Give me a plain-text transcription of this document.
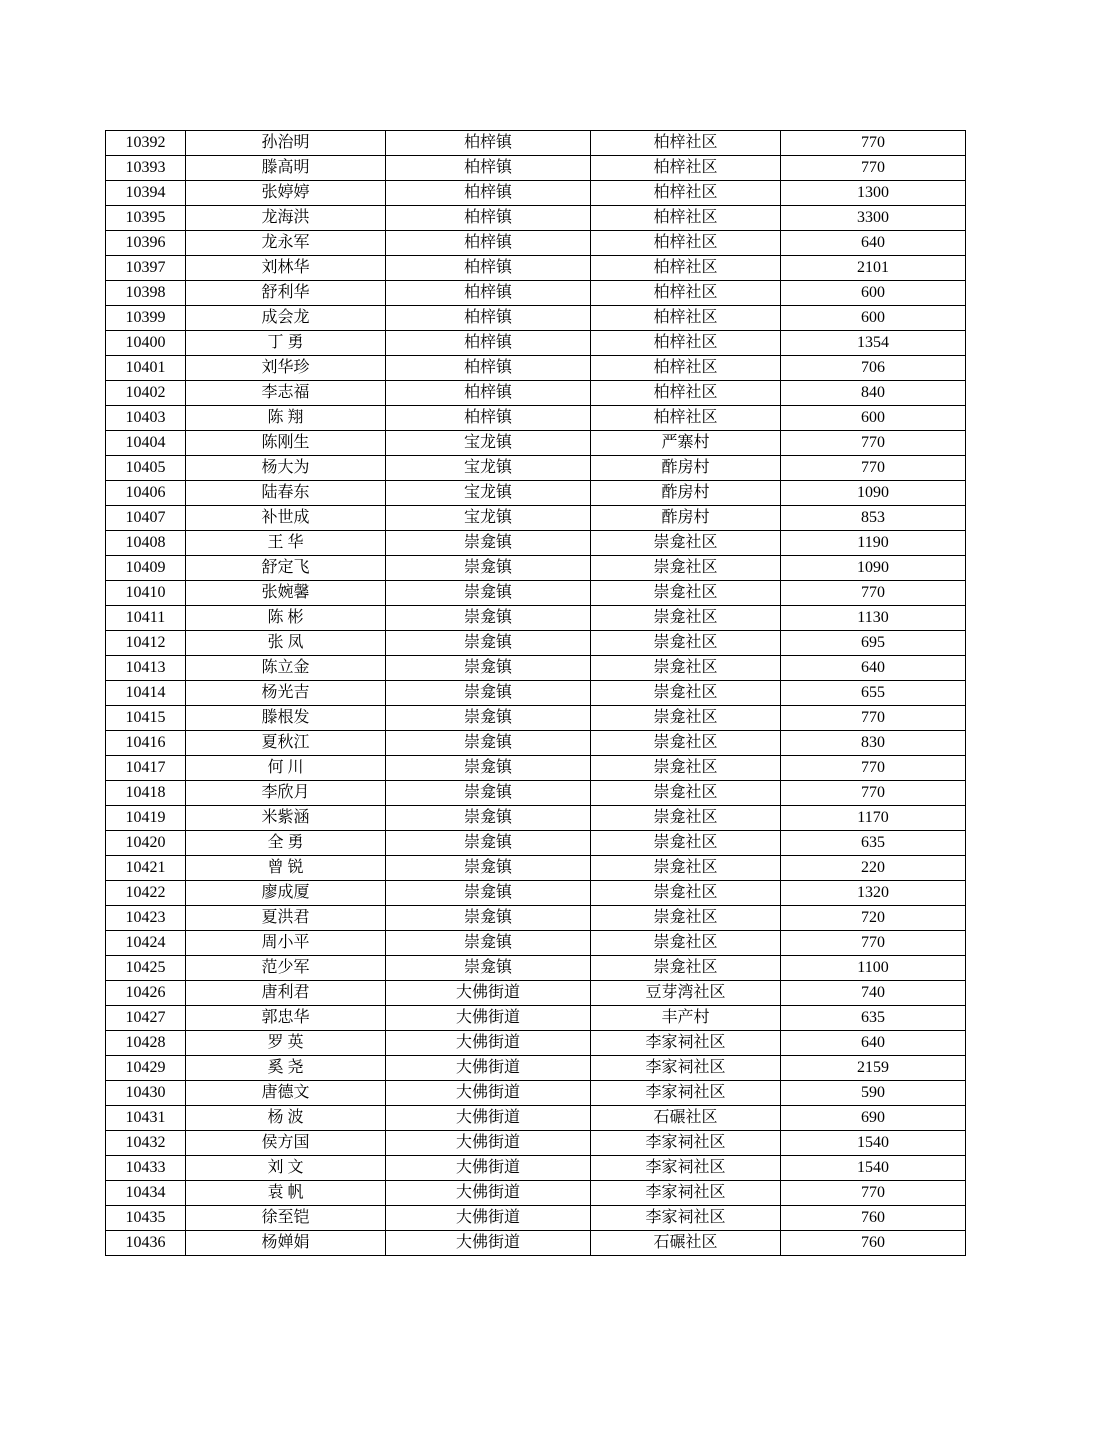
10392	孙治明	柏梓镇	柏梓社区	770
10393	滕高明	柏梓镇	柏梓社区	770
10394	张婷婷	柏梓镇	柏梓社区	1300
10395	龙海洪	柏梓镇	柏梓社区	3300
10396	龙永军	柏梓镇	柏梓社区	640
10397	刘林华	柏梓镇	柏梓社区	2101
10398	舒利华	柏梓镇	柏梓社区	600
10399	成会龙	柏梓镇	柏梓社区	600
10400	丁 勇	柏梓镇	柏梓社区	1354
10401	刘华珍	柏梓镇	柏梓社区	706
10402	李志福	柏梓镇	柏梓社区	840
10403	陈 翔	柏梓镇	柏梓社区	600
10404	陈刚生	宝龙镇	严寨村	770
10405	杨大为	宝龙镇	酢房村	770
10406	陆春东	宝龙镇	酢房村	1090
10407	补世成	宝龙镇	酢房村	853
10408	王 华	崇龛镇	崇龛社区	1190
10409	舒定飞	崇龛镇	崇龛社区	1090
10410	张婉馨	崇龛镇	崇龛社区	770
10411	陈 彬	崇龛镇	崇龛社区	1130
10412	张 凤	崇龛镇	崇龛社区	695
10413	陈立金	崇龛镇	崇龛社区	640
10414	杨光吉	崇龛镇	崇龛社区	655
10415	滕根发	崇龛镇	崇龛社区	770
10416	夏秋江	崇龛镇	崇龛社区	830
10417	何 川	崇龛镇	崇龛社区	770
10418	李欣月	崇龛镇	崇龛社区	770
10419	米紫涵	崇龛镇	崇龛社区	1170
10420	全 勇	崇龛镇	崇龛社区	635
10421	曾 锐	崇龛镇	崇龛社区	220
10422	廖成厦	崇龛镇	崇龛社区	1320
10423	夏洪君	崇龛镇	崇龛社区	720
10424	周小平	崇龛镇	崇龛社区	770
10425	范少军	崇龛镇	崇龛社区	1100
10426	唐利君	大佛街道	豆芽湾社区	740
10427	郭忠华	大佛街道	丰产村	635
10428	罗 英	大佛街道	李家祠社区	640
10429	奚 尧	大佛街道	李家祠社区	2159
10430	唐德文	大佛街道	李家祠社区	590
10431	杨 波	大佛街道	石碾社区	690
10432	侯方国	大佛街道	李家祠社区	1540
10433	刘 文	大佛街道	李家祠社区	1540
10434	袁 帆	大佛街道	李家祠社区	770
10435	徐至铠	大佛街道	李家祠社区	760
10436	杨婵娟	大佛街道	石碾社区	760
